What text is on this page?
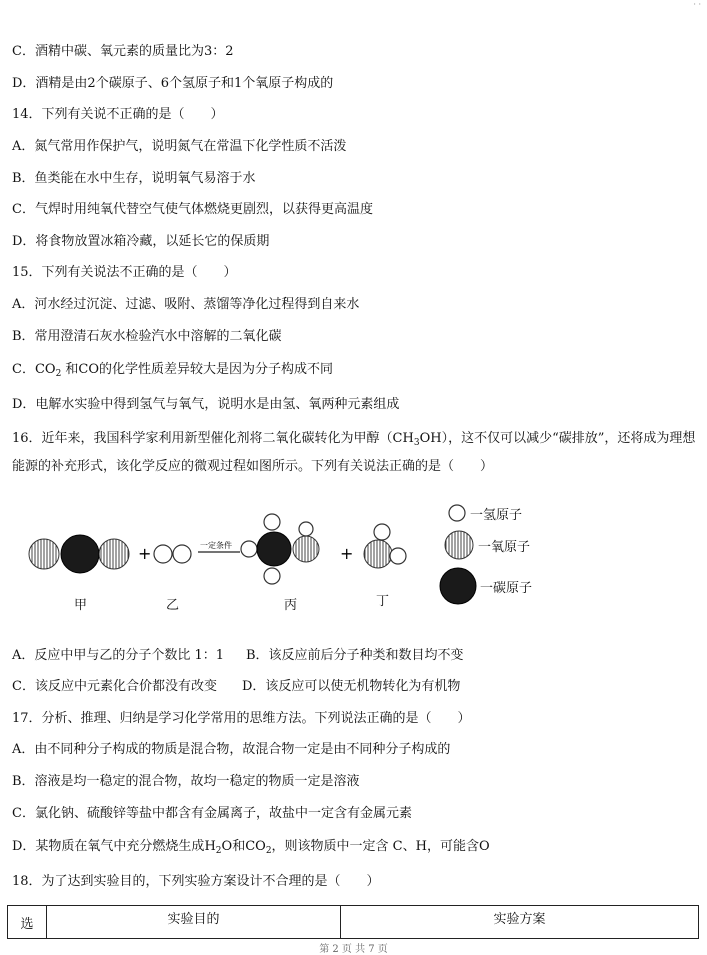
· ·
C．酒精中碳、氧元素的质量比为3：2
D．酒精是由2个碳原子、6个氢原子和1个氧原子构成的
14．下列有关说不正确的是（　　）
A．氮气常用作保护气，说明氮气在常温下化学性质不活泼
B．鱼类能在水中生存，说明氧气易溶于水
C．气焊时用纯氧代替空气使气体燃烧更剧烈，以获得更高温度
D．将食物放置冰箱冷藏，以延长它的保质期
15．下列有关说法不正确的是（　　）
A．河水经过沉淀、过滤、吸附、蒸馏等净化过程得到自来水
B．常用澄清石灰水检验汽水中溶解的二氧化碳
C．$CO_2$ 和CO的化学性质差异较大是因为分子构成不同
D．电解水实验中得到氢气与氧气，说明水是由氢、氧两种元素组成
16．近年来，我国科学家利用新型催化剂将二氧化碳转化为甲醇$(CH_3OH)$，这不仅可以减少“碳排放”，还将成为理想能源的补充形式，该化学反应的微观过程如图所示。下列有关说法正确的是（　　）
+	一定条件	+
甲	乙	丙	丁
一氢原子
一氧原子
一碳原子
A．反应中甲与乙的分子个数比 1：1 B．该反应前后分子种类和数目均不变
C．该反应中元素化合价都没有改变 D．该反应可以使无机物转化为有机物
17．分析、推理、归纳是学习化学常用的思维方法。下列说法正确的是（　　）
A．由不同种分子构成的物质是混合物，故混合物一定是由不同种分子构成的
B．溶液是均一稳定的混合物，故均一稳定的物质一定是溶液
C．氯化钠、硫酸锌等盐中都含有金属离子，故盐中一定含有金属元素
D．某物质在氧气中充分燃烧生成$H_2O$和$CO_2$，则该物质中一定含 C、H，可能含O
18．为了达到实验目的，下列实验方案设计不合理的是（　　）
选	实验目的	实验方案
第 2 页 共 7 页
